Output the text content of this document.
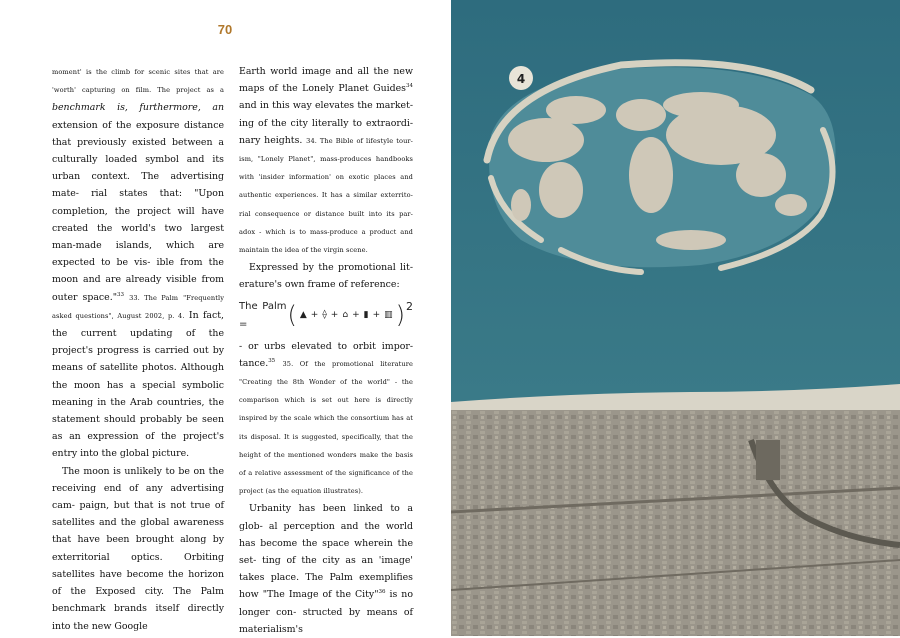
70

moment' is the climb for scenic sites that are 'worth' capturing on film. The project as a benchmark is, furthermore, an extension of the exposure distance that previously existed between a culturally loaded symbol and its urban context. The advertising mate- rial states that: "Upon completion, the project will have created the world's two largest man-made islands, which are expected to be vis- ible from the moon and are already visible from outer space."$^{33}$ 33. The Palm "Frequently asked questions", August 2002, p. 4. In fact, the current updating of the project's progress is carried out by means of satellite photos. Although the moon has a special symbolic meaning in the Arab countries, the statement should probably be seen as an expression of the project's entry into the global picture.

The moon is unlikely to be on the receiving end of any advertising cam- paign, but that is not true of satellites and the global awareness that have been brought along by exterritorial optics. Orbiting satellites have become the horizon of the Exposed city. The Palm benchmark brands itself directly into the new Google

Earth world image and all the new maps of the Lonely Planet Guides$^{34}$ and in this way elevates the market- ing of the city literally to extraordi- nary heights. 34. The Bible of lifestyle tour- ism, "Lonely Planet", mass-produces handbooks with 'insider information' on exotic places and authentic experiences. It has a similar exterrito- rial consequence or distance built into its par- adox - which is to mass-produce a product and maintain the idea of the virgin scene.

Expressed by the promotional lit- erature's own frame of reference:

The Palm =	( ▲ + ⟠ + ⌂ + ▮ + ▥ ) 2

- or urbs elevated to orbit impor- tance.$^{35}$ 35. Of the promotional literature "Creating the 8th Wonder of the world" - the comparison which is set out here is directly inspired by the scale which the consortium has at its disposal. It is suggested, specifically, that the height of the mentioned wonders make the basis of a relative assessment of the significance of the project (as the equation illustrates).

Urbanity has been linked to a glob- al perception and the world has become the space wherein the set- ting of the city as an 'image' takes place. The Palm exemplifies how "The Image of the City"$^{36}$ is no longer con- structed by means of materialism's

4
